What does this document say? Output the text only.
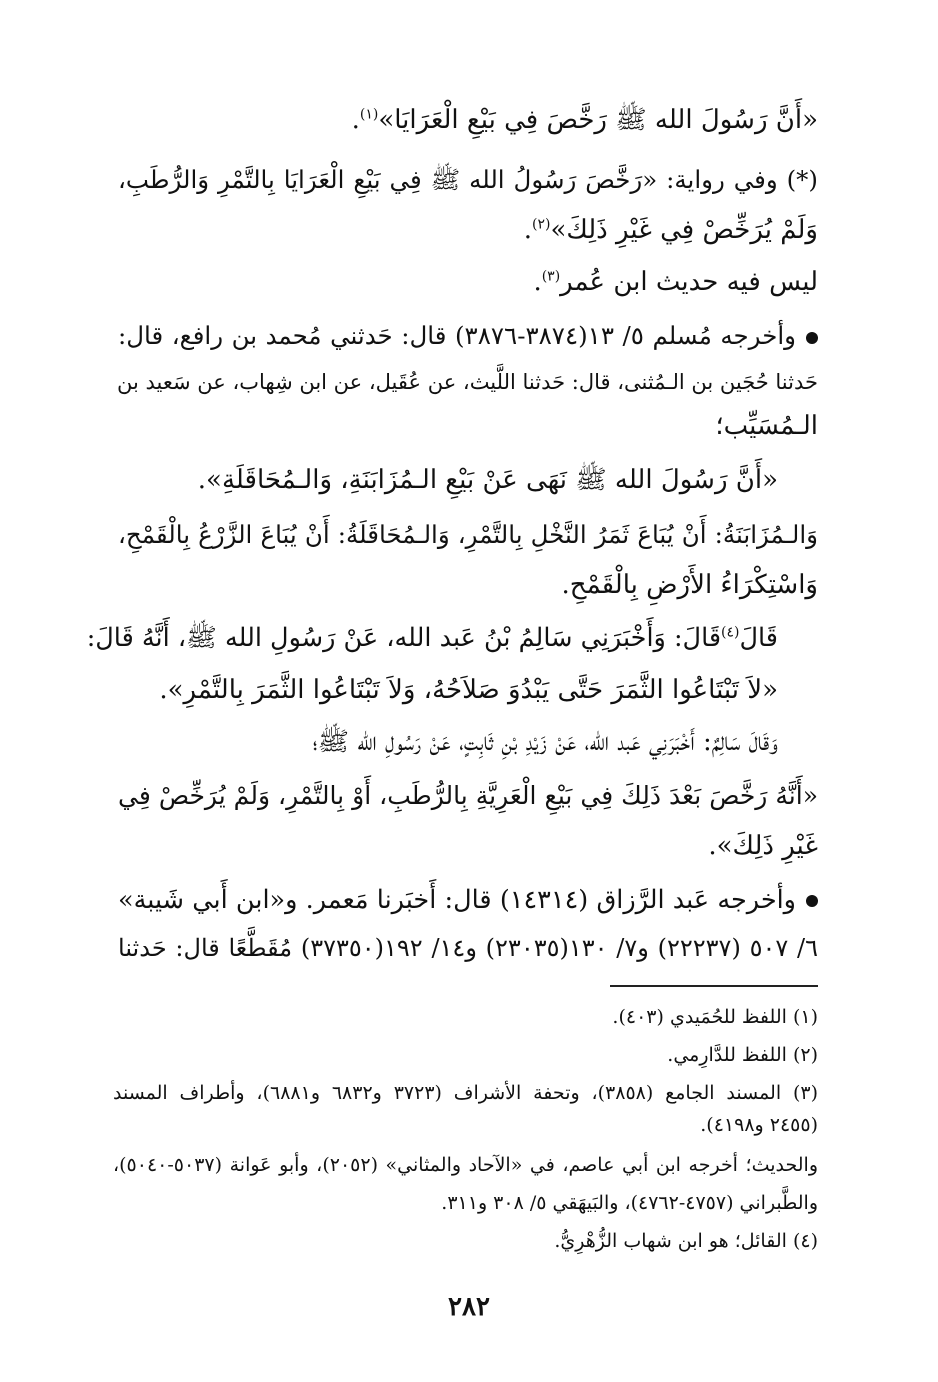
«أَنَّ رَسُولَ الله ﷺ رَخَّصَ فِي بَيْعِ الْعَرَايَا»$^{(١)}$.
(*) وفي رواية: «رَخَّصَ رَسُولُ الله ﷺ فِي بَيْعِ الْعَرَايَا بِالتَّمْرِ وَالرُّطَبِ،
وَلَمْ يُرَخِّصْ فِي غَيْرِ ذَلِكَ»$^{(٢)}$.
ليس فيه حديث ابن عُمر$^{(٣)}$.
وأخرجه مُسلم ٥/ ١٣(٣٨٧٤-٣٨٧٦) قال: حَدثني مُحمد بن رافع، قال:
حَدثنا حُجَين بن الـمُثنى، قال: حَدثنا اللَّيث، عن عُقَيل، عن ابن شِهاب، عن سَعيد بن
الـمُسَيِّب؛
«أَنَّ رَسُولَ الله ﷺ نَهَى عَنْ بَيْعِ الـمُزَابَنَةِ، وَالـمُحَاقَلَةِ».
وَالـمُزَابَنَةُ: أَنْ يُبَاعَ ثَمَرُ النَّخْلِ بِالتَّمْرِ، وَالـمُحَاقَلَةُ: أَنْ يُبَاعَ الزَّرْعُ بِالْقَمْحِ،
وَاسْتِكْرَاءُ الأَرْضِ بِالْقَمْحِ.
قَالَ$^{(٤)}$قَالَ: وَأَخْبَرَنِي سَالِمُ بْنُ عَبد الله، عَنْ رَسُولِ الله ﷺ، أَنَّهُ قَالَ:
«لاَ تَبْتَاعُوا الثَّمَرَ حَتَّى يَبْدُوَ صَلاَحُهُ، وَلاَ تَبْتَاعُوا الثَّمَرَ بِالتَّمْرِ».
وَقَالَ سَالِمٌ: أَخْبَرَنِي عَبد الله، عَنْ زَيْدِ بْنِ ثَابِتٍ، عَنْ رَسُولِ الله ﷺ؛
«أَنَّهُ رَخَّصَ بَعْدَ ذَلِكَ فِي بَيْعِ الْعَرِيَّةِ بِالرُّطَبِ، أَوْ بِالتَّمْرِ، وَلَمْ يُرَخِّصْ فِي
غَيْرِ ذَلِكَ».
وأخرجه عَبد الرَّزاق (١٤٣١٤) قال: أَخبَرنا مَعمر. و«ابن أَبي شَيبة»
٦/ ٥٠٧ (٢٢٢٣٧) و٧/ ١٣٠(٢٣٠٣٥) و١٤/ ١٩٢(٣٧٣٥٠) مُقَطَّعًا قال: حَدثنا
(١) اللفظ للحُمَيدي (٤٠٣).
(٢) اللفظ للدَّارِمي.
(٣) المسند الجامع (٣٨٥٨)، وتحفة الأشراف (٣٧٢٣ و٦٨٣٢ و٦٨٨١)، وأطراف المسند
(٢٤٥٥ و٤١٩٨).
والحديث؛ أخرجه ابن أبي عاصم، في «الآحاد والمثاني» (٢٠٥٢)، وأبو عَوانة (٥٠٣٧-٥٠٤٠)،
والطَّبراني (٤٧٥٧-٤٧٦٢)، والبَيهَقي ٥/ ٣٠٨ و٣١١.
(٤) القائل؛ هو ابن شهاب الزُّهْرِيُّ.
٢٨٢
